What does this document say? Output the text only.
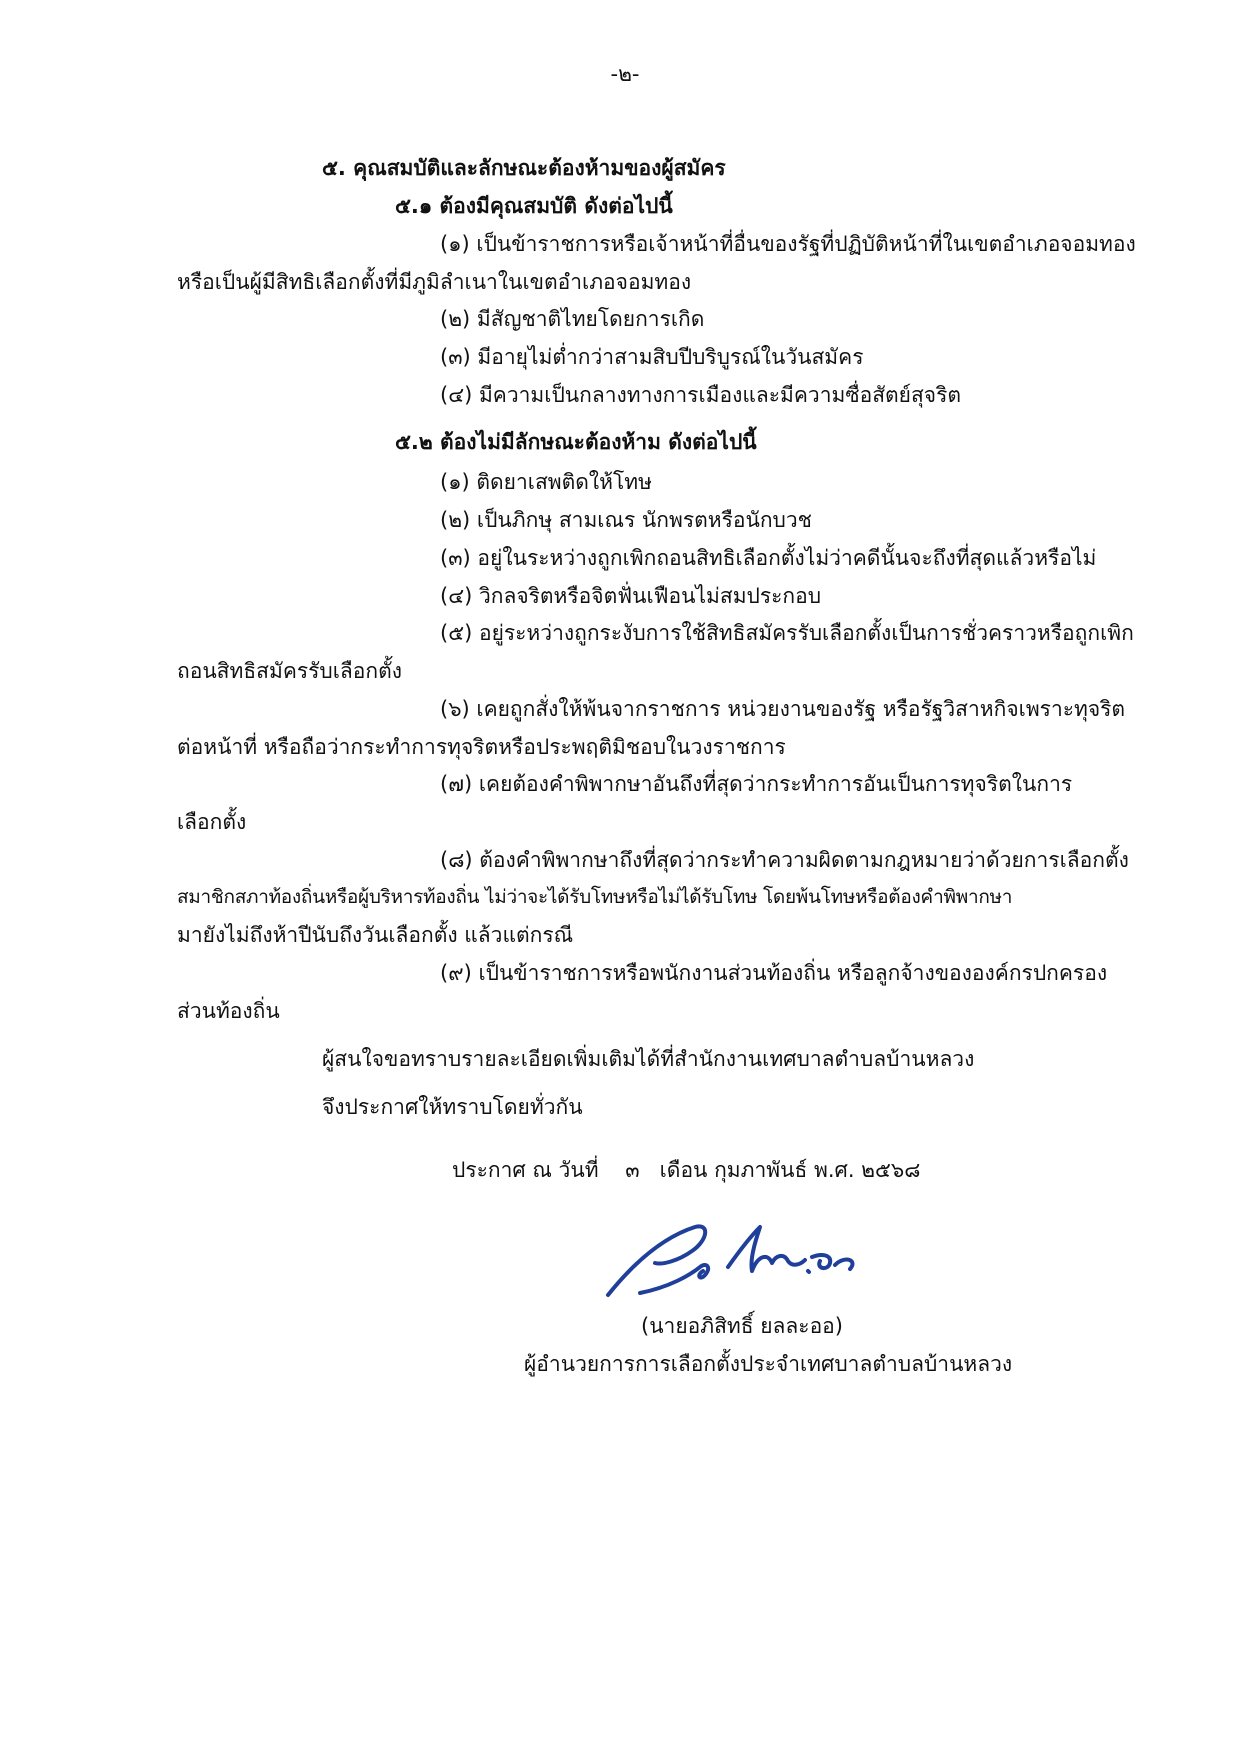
-๒-
๕. คุณสมบัติและลักษณะต้องห้ามของผู้สมัคร
๕.๑ ต้องมีคุณสมบัติ ดังต่อไปนี้
(๑) เป็นข้าราชการหรือเจ้าหน้าที่อื่นของรัฐที่ปฏิบัติหน้าที่ในเขตอำเภอจอมทอง
หรือเป็นผู้มีสิทธิเลือกตั้งที่มีภูมิลำเนาในเขตอำเภอจอมทอง
(๒) มีสัญชาติไทยโดยการเกิด
(๓) มีอายุไม่ต่ำกว่าสามสิบปีบริบูรณ์ในวันสมัคร
(๔) มีความเป็นกลางทางการเมืองและมีความซื่อสัตย์สุจริต
๕.๒ ต้องไม่มีลักษณะต้องห้าม ดังต่อไปนี้
(๑) ติดยาเสพติดให้โทษ
(๒) เป็นภิกษุ สามเณร นักพรตหรือนักบวช
(๓) อยู่ในระหว่างถูกเพิกถอนสิทธิเลือกตั้งไม่ว่าคดีนั้นจะถึงที่สุดแล้วหรือไม่
(๔) วิกลจริตหรือจิตฟั่นเฟือนไม่สมประกอบ
(๕) อยู่ระหว่างถูกระงับการใช้สิทธิสมัครรับเลือกตั้งเป็นการชั่วคราวหรือถูกเพิก
ถอนสิทธิสมัครรับเลือกตั้ง
(๖) เคยถูกสั่งให้พ้นจากราชการ หน่วยงานของรัฐ หรือรัฐวิสาหกิจเพราะทุจริต
ต่อหน้าที่ หรือถือว่ากระทำการทุจริตหรือประพฤติมิชอบในวงราชการ
(๗) เคยต้องคำพิพากษาอันถึงที่สุดว่ากระทำการอันเป็นการทุจริตในการ
เลือกตั้ง
(๘) ต้องคำพิพากษาถึงที่สุดว่ากระทำความผิดตามกฎหมายว่าด้วยการเลือกตั้ง
สมาชิกสภาท้องถิ่นหรือผู้บริหารท้องถิ่น ไม่ว่าจะได้รับโทษหรือไม่ได้รับโทษ โดยพ้นโทษหรือต้องคำพิพากษา
มายังไม่ถึงห้าปีนับถึงวันเลือกตั้ง แล้วแต่กรณี
(๙) เป็นข้าราชการหรือพนักงานส่วนท้องถิ่น หรือลูกจ้างขององค์กรปกครอง
ส่วนท้องถิ่น
ผู้สนใจขอทราบรายละเอียดเพิ่มเติมได้ที่สำนักงานเทศบาลตำบลบ้านหลวง
จึงประกาศให้ทราบโดยทั่วกัน
ประกาศ ณ วันที่    ๓   เดือน กุมภาพันธ์ พ.ศ. ๒๕๖๘
(นายอภิสิทธิ์ ยลละออ)
ผู้อำนวยการการเลือกตั้งประจำเทศบาลตำบลบ้านหลวง
